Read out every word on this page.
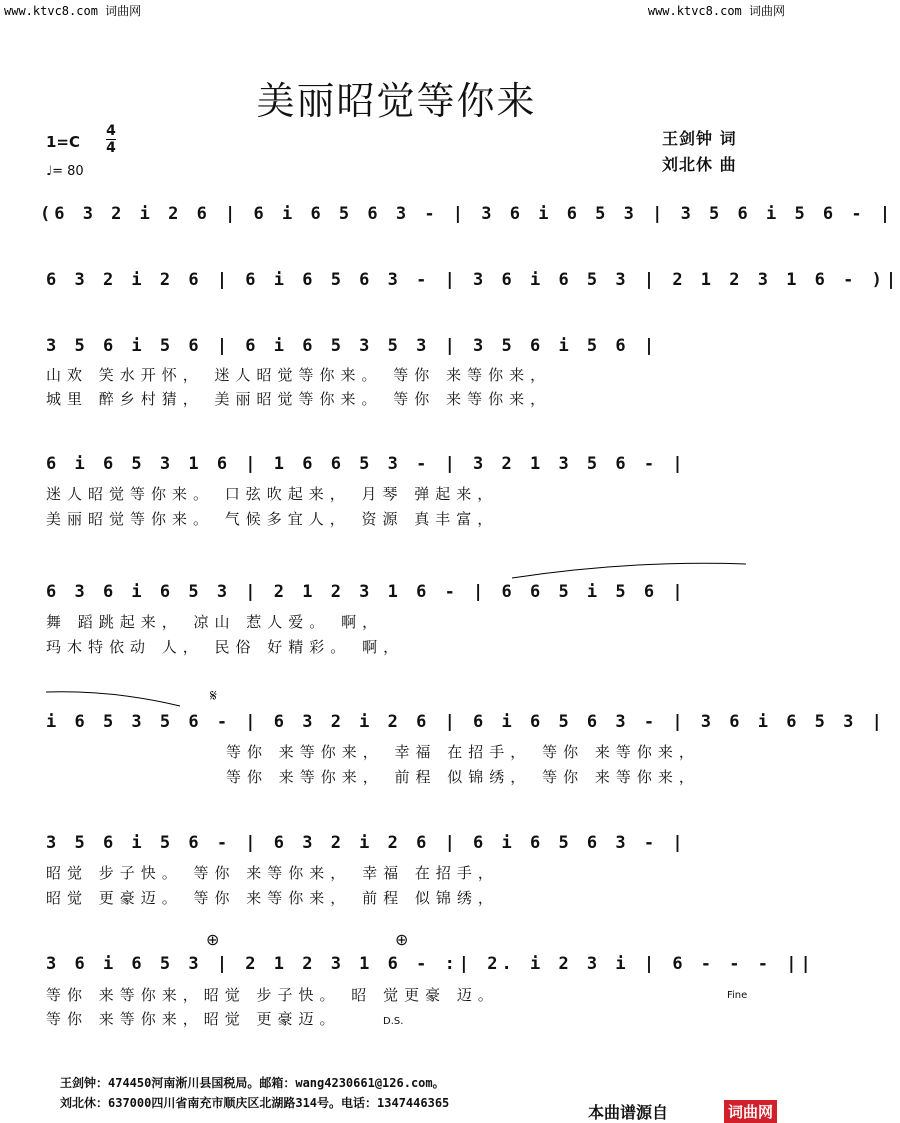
www.ktvc8.com 词曲网	www.ktvc8.com 词曲网
美丽昭觉等你来
1=C
4
4
♩= 80
王剑钟 词
刘北休 曲
(6 3 2 i 2 6 | 6 i 6 5 6 3 - | 3 6 i 6 5 3 | 3 5 6 i 5 6 - |
6 3 2 i 2 6 | 6 i 6 5 6 3 - | 3 6 i 6 5 3 | 2 1 2 3 1 6 - )|
3 5 6 i 5 6 | 6 i 6 5 3 5 3 | 3 5 6 i 5 6 |
山欢 笑水开怀， 迷人昭觉等你来。 等你 来等你来，
城里 醉乡村猜， 美丽昭觉等你来。 等你 来等你来，
6 i 6 5 3 1 6 | 1 6 6 5 3 - | 3 2 1 3 5 6 - |
迷人昭觉等你来。 口弦吹起来， 月琴 弹起来，
美丽昭觉等你来。 气候多宜人， 资源 真丰富，
6 3 6 i 6 5 3 | 2 1 2 3 1 6 - | 6 6 5 i 5 6 |
舞 蹈跳起来， 凉山 惹人爱。 啊，
玛木特依动 人， 民俗 好精彩。 啊，
𝄋
i 6 5 3 5 6 - | 6 3 2 i 2 6 | 6 i 6 5 6 3 - | 3 6 i 6 5 3 |
等你 来等你来， 幸福 在招手， 等你 来等你来，
等你 来等你来， 前程 似锦绣， 等你 来等你来，
3 5 6 i 5 6 - | 6 3 2 i 2 6 | 6 i 6 5 6 3 - |
昭觉 步子快。 等你 来等你来， 幸福 在招手，
昭觉 更豪迈。 等你 来等你来， 前程 似锦绣，
⊕	⊕
3 6 i 6 5 3 | 2 1 2 3 1 6 - :| 2. i 2 3 i | 6 - - - ||
等你 来等你来，昭觉 步子快。 昭 觉更豪 迈。
等你 来等你来，昭觉 更豪迈。	D.S.
Fine
王剑钟：474450河南淅川县国税局。邮箱：wang4230661@126.com。
刘北休：637000四川省南充市顺庆区北湖路314号。电话：1347446365	本曲谱源自	词曲网
